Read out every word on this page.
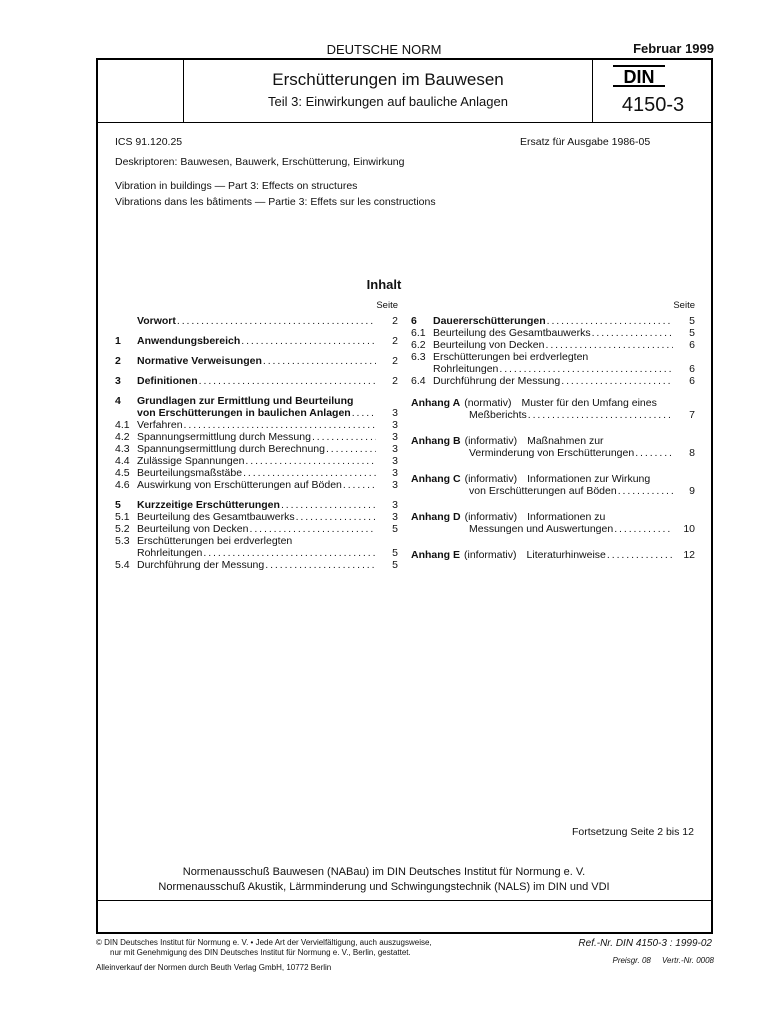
DEUTSCHE NORM	Februar 1999
Erschütterungen im Bauwesen
Teil 3: Einwirkungen auf bauliche Anlagen
DIN
4150-3
ICS 91.120.25	Ersatz für Ausgabe 1986-05
Deskriptoren: Bauwesen, Bauwerk, Erschütterung, Einwirkung
Vibration in buildings — Part 3: Effects on structures
Vibrations dans les bâtiments — Partie 3: Effets sur les constructions
Inhalt
Seite
Vorwort . . .	2
1	Anwendungsbereich . . .	2
2	Normative Verweisungen . . .	2
3	Definitionen . . .	2
4	Grundlagen zur Ermittlung und Beurteilung
von Erschütterungen in baulichen Anlagen . . .	3
4.1 Verfahren . . .	3
4.2 Spannungsermittlung durch Messung . . .	3
4.3 Spannungsermittlung durch Berechnung . . .	3
4.4 Zulässige Spannungen . . .	3
4.5 Beurteilungsmaßstäbe . . .	3
4.6 Auswirkung von Erschütterungen auf Böden . . .	3
5	Kurzzeitige Erschütterungen . . .	3
5.1 Beurteilung des Gesamtbauwerks . . .	3
5.2 Beurteilung von Decken . . .	5
5.3 Erschütterungen bei erdverlegten
Rohrleitungen . . .	5
5.4 Durchführung der Messung . . .	5
Seite
6	Dauererschütterungen . . .	5
6.1 Beurteilung des Gesamtbauwerks . . .	5
6.2 Beurteilung von Decken . . .	6
6.3 Erschütterungen bei erdverlegten
Rohrleitungen . . .	6
6.4 Durchführung der Messung . . .	6
Anhang A (normativ) Muster für den Umfang eines
Meßberichts . . .	7
Anhang B (informativ) Maßnahmen zur
Verminderung von Erschütterungen . . .	8
Anhang C (informativ) Informationen zur Wirkung
von Erschütterungen auf Böden . . .	9
Anhang D (informativ) Informationen zu
Messungen und Auswertungen . . .	10
Anhang E (informativ) Literaturhinweise . . .	12
Fortsetzung Seite 2 bis 12
Normenausschuß Bauwesen (NABau) im DIN Deutsches Institut für Normung e. V.
Normenausschuß Akustik, Lärmminderung und Schwingungstechnik (NALS) im DIN und VDI
© DIN Deutsches Institut für Normung e. V. • Jede Art der Vervielfältigung, auch auszugsweise,
nur mit Genehmigung des DIN Deutsches Institut für Normung e. V., Berlin, gestattet.
Alleinverkauf der Normen durch Beuth Verlag GmbH, 10772 Berlin
Ref.-Nr. DIN 4150-3 : 1999-02
Preisgr. 08     Vertr.-Nr. 0008
